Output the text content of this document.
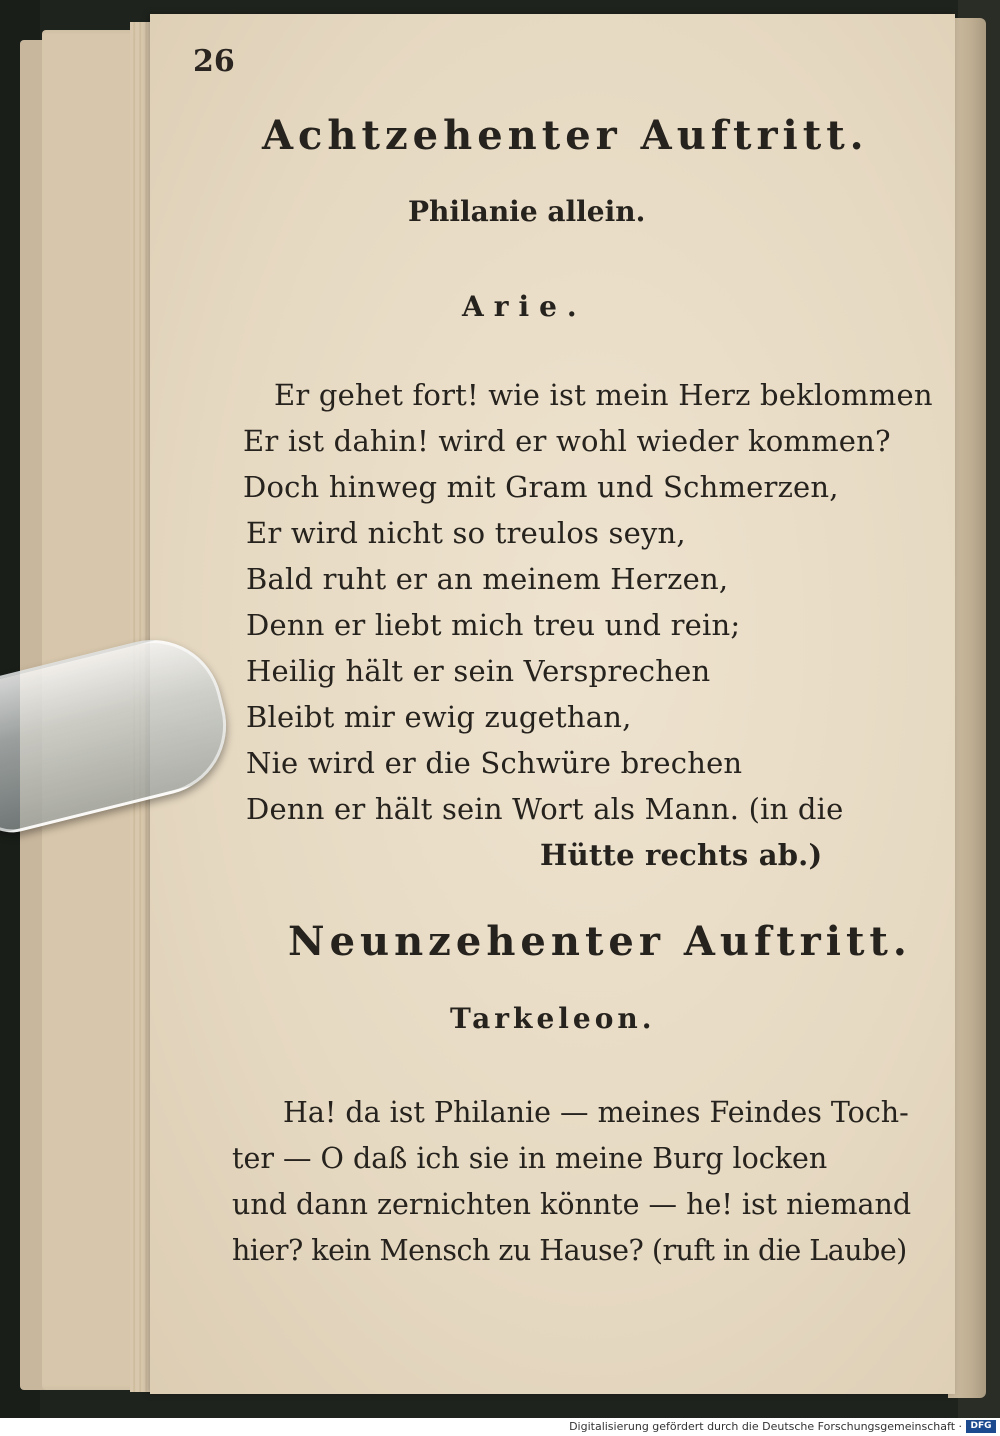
26
Achtzehenter Auftritt.
Philanie allein.
Arie.
Er gehet fort! wie ist mein Herz beklommen
Er ist dahin! wird er wohl wieder kommen?
Doch hinweg mit Gram und Schmerzen,
Er wird nicht so treulos seyn,
Bald ruht er an meinem Herzen,
Denn er liebt mich treu und rein;
Heilig hält er sein Versprechen
Bleibt mir ewig zugethan,
Nie wird er die Schwüre brechen
Denn er hält sein Wort als Mann. (in die
Hütte rechts ab.)
Neunzehenter Auftritt.
Tarkeleon.
Ha! da ist Philanie — meines Feindes Toch-
ter — O daß ich sie in meine Burg locken
und dann zernichten könnte — he! ist niemand
hier? kein Mensch zu Hause? (ruft in die Laube)
Digitalisierung gefördert durch die Deutsche Forschungsgemeinschaft · DFG
